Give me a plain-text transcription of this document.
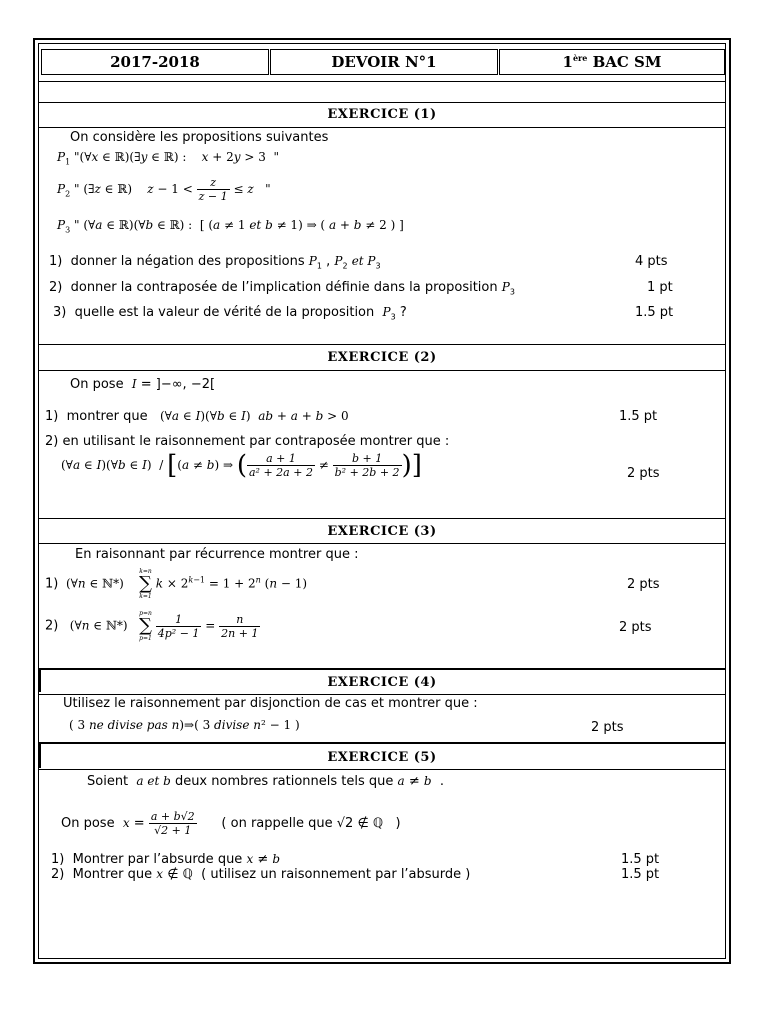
2017-2018	DEVOIR N°1	1ère BAC SM
EXERCICE (1)
On considère les propositions suivantes
$P_1$ "(∀x ∈ ℝ)(∃y ∈ ℝ) :    x + 2y > 3  "
$P_2$ " (∃z ∈ ℝ)    $z - 1 < \frac{z}{z - 1} \le z$   "
$P_3$ " (∀a ∈ ℝ)(∀b ∈ ℝ) :  [ (a ≠ 1 et b ≠ 1) ⇒ ( a + b ≠ 2 ) ]
1)  donner la négation des propositions $P_1$ , $P_2$ et $P_3$	4 pts
2)  donner la contraposée de l’implication définie dans la proposition $P_3$	1 pt
3)  quelle est la valeur de vérité de la proposition  $P_3$ ?	1.5 pt
EXERCICE (2)
On pose  I = ]−∞, −2[
1)  montrer que   (∀a ∈ I)(∀b ∈ I)  ab + a + b > 0	1.5 pt
2) en utilisant le raisonnement par contraposée montrer que :
(∀a ∈ I)(∀b ∈ I)  / [(a ≠ b) ⇒ ( $\frac{a + 1}{\text{a² + 2a + 2}} \ne \frac{b + 1}{\text{b² + 2b + 2}}$ )]	2 pts
EXERCICE (3)
En raisonnant par récurrence montrer que :
1)  (∀n ∈ ℕ*)
k=n
∑
k=1
$k \times 2^{k-1} = 1 + 2^n$ (n − 1)	2 pts
2)   (∀n ∈ ℕ*)
p=n
∑
p=1
$\frac{1}{\text{4p² − 1}} = \frac{n}{2n + 1}$	2 pts
EXERCICE (4)
Utilisez le raisonnement par disjonction de cas et montrer que :
( 3 ne divise pas n)⇒( 3 divise n² − 1 )	2 pts
EXERCICE (5)
Soient  a et b deux nombres rationnels tels que a ≠ b  .
On pose  $x = \frac{a + b√2}{√2 + 1}$ ( on rappelle que √2 ∉ ℚ   )
1)  Montrer par l’absurde que x ≠ b	1.5 pt
2)  Montrer que x ∉ ℚ  ( utilisez un raisonnement par l’absurde )	1.5 pt
